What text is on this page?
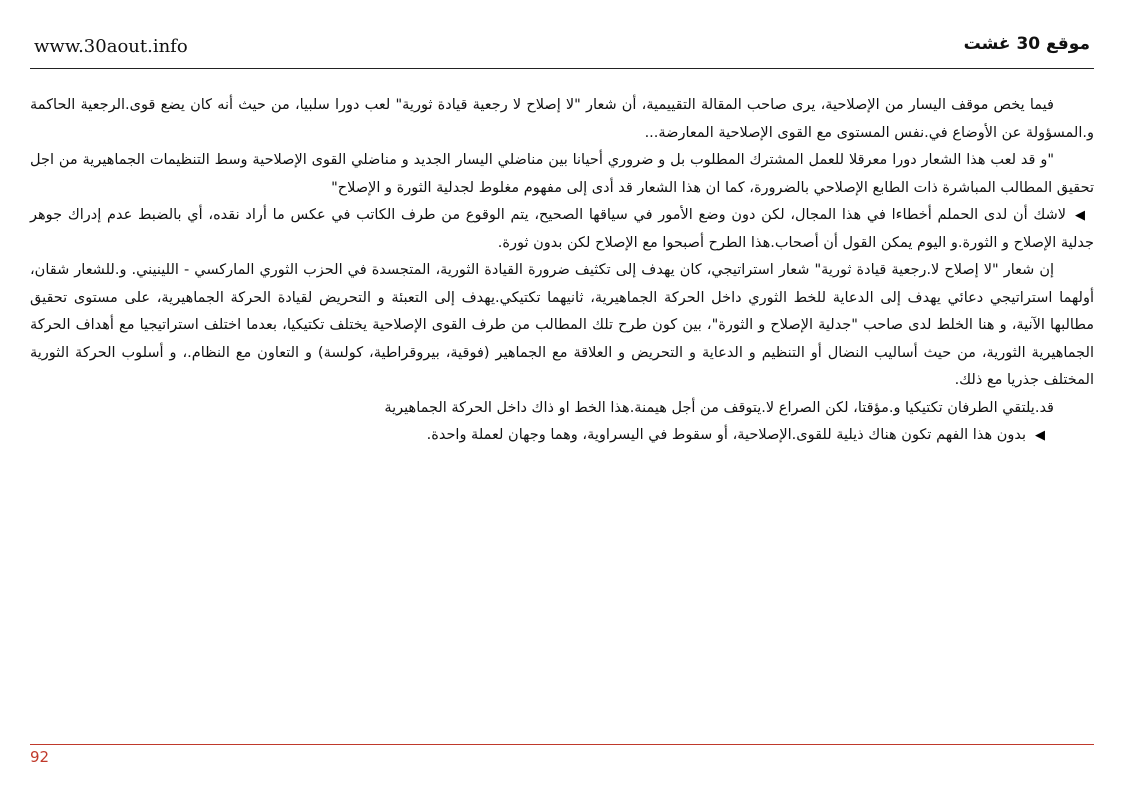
www.30aout.info	موقع 30 غشت

فيما يخص موقف اليسار من الإصلاحية، يرى صاحب المقالة التقييمية، أن شعار "لا إصلاح لا رجعية قيادة ثورية" لعب دورا سلبيا، من حيث أنه كان يضع قوى.الرجعية الحاكمة و.المسؤولة عن الأوضاع في.نفس المستوى مع القوى الإصلاحية المعارضة...

"و قد لعب هذا الشعار دورا معرقلا للعمل المشترك المطلوب بل و ضروري أحيانا بين مناضلي اليسار الجديد و مناضلي القوى الإصلاحية وسط التنظيمات الجماهيرية من اجل تحقيق المطالب المباشرة ذات الطابع الإصلاحي بالضرورة، كما ان هذا الشعار قد أدى إلى مفهوم مغلوط لجدلية الثورة و الإصلاح"

◀لاشك أن لدى الحملم أخطاءا في هذا المجال، لكن دون وضع الأمور في سياقها الصحيح، يتم الوقوع من طرف الكاتب في عكس ما أراد نقده، أي بالضبط عدم إدراك جوهر جدلية الإصلاح و الثورة.و اليوم يمكن القول أن أصحاب.هذا الطرح أصبحوا مع الإصلاح لكن بدون ثورة.

إن شعار "لا إصلاح لا.رجعية قيادة ثورية" شعار استراتيجي، كان يهدف إلى تكثيف ضرورة القيادة الثورية، المتجسدة في الحزب الثوري الماركسي - اللينيني. و.للشعار شقان، أولهما استراتيجي دعائي يهدف إلى الدعاية للخط الثوري داخل الحركة الجماهيرية، ثانيهما تكتيكي.يهدف إلى التعبئة و التحريض لقيادة الحركة الجماهيرية، على مستوى تحقيق مطالبها الآنية، و هنا الخلط لدى صاحب "جدلية الإصلاح و الثورة"، بين كون طرح تلك المطالب من طرف القوى الإصلاحية يختلف تكتيكيا، بعدما اختلف استراتيجيا مع أهداف الحركة الجماهيرية الثورية، من حيث أساليب النضال أو التنظيم و الدعاية و التحريض و العلاقة مع الجماهير (فوقية، بيروقراطية، كولسة) و التعاون مع النظام.، و أسلوب الحركة الثورية المختلف جذريا مع ذلك.

قد.يلتقي الطرفان تكتيكيا و.مؤقتا، لكن الصراع لا.يتوقف من أجل هيمنة.هذا الخط او ذاك داخل الحركة الجماهيرية

◀بدون هذا الفهم تكون هناك ذيلية للقوى.الإصلاحية، أو سقوط في اليسراوية، وهما وجهان لعملة واحدة.

92
